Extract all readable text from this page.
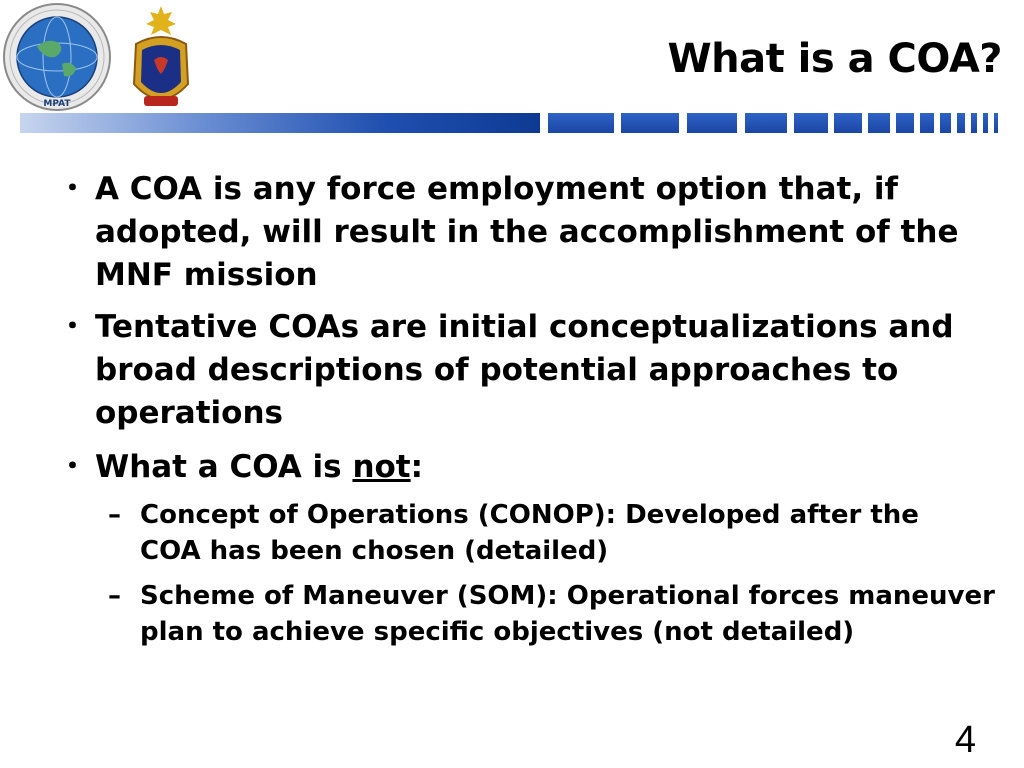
MPAT
What is a COA?
・ A COA is any force employment option that, if
adopted, will result in the accomplishment of the
MNF mission
・ Tentative COAs are initial conceptualizations and
broad descriptions of potential approaches to
operations
・ What a COA is not:
– Concept of Operations (CONOP): Developed after the
COA has been chosen (detailed)
– Scheme of Maneuver (SOM): Operational forces maneuver
plan to achieve specific objectives (not detailed)
4
